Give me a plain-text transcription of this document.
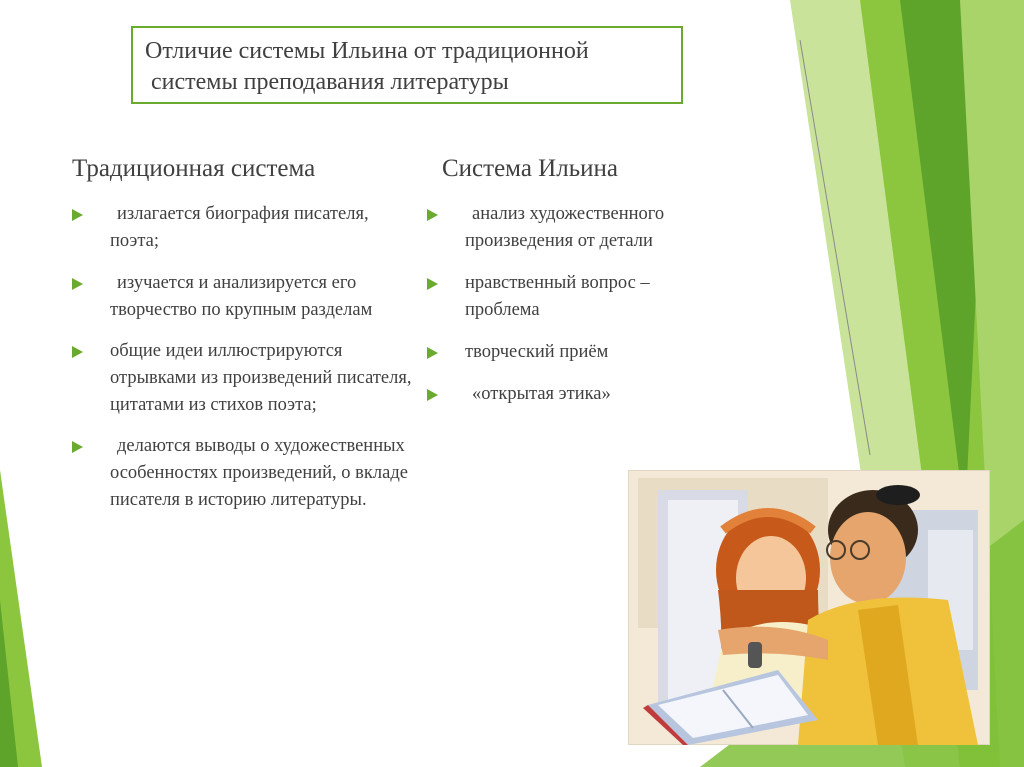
Отличие системы Ильина от традиционной
системы преподавания литературы
Традиционная система
излагается биография писателя, поэта;
изучается и анализируется его творчество по крупным разделам
общие идеи иллюстрируются отрывками из произведений писателя, цитатами из стихов поэта;
делаются выводы о художественных особенностях произведений, о вкладе писателя в историю литературы.
Система Ильина
анализ художественного произведения от детали
нравственный вопрос – проблема
творческий приём
«открытая этика»
